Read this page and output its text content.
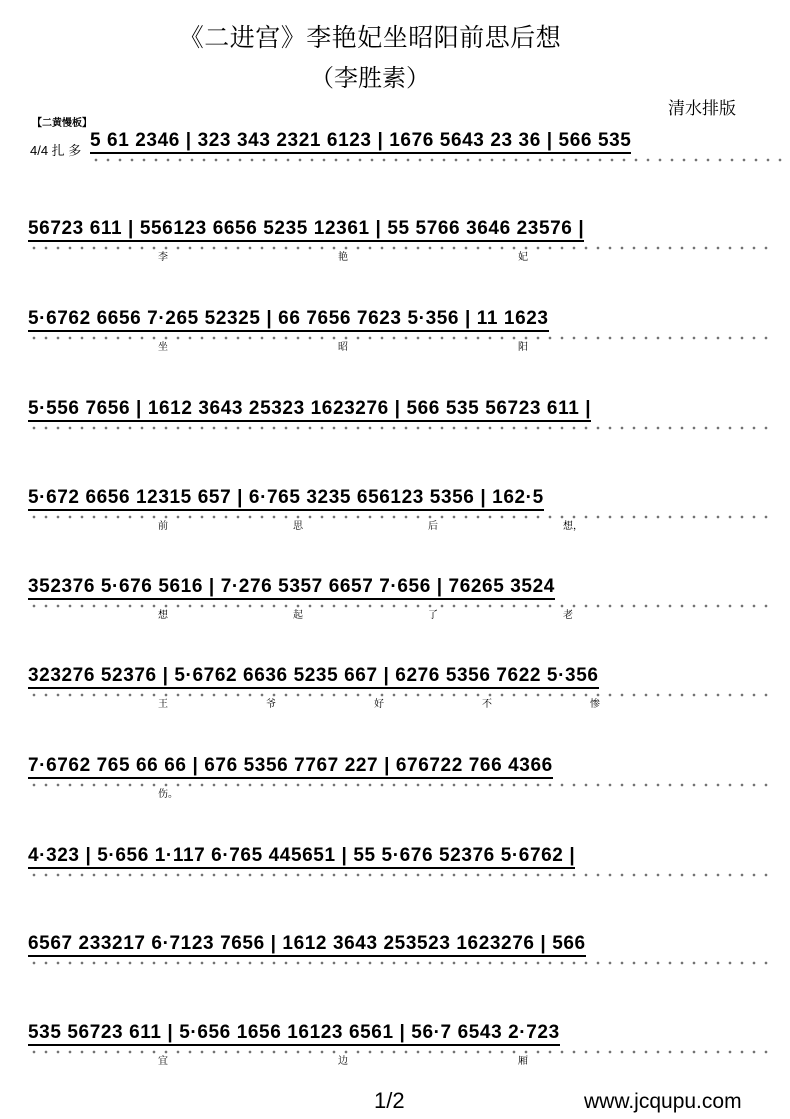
《二进宫》李艳妃坐昭阳前思后想
（李胜素）
清水排版
【二黄慢板】
4/4 扎 多 5 61 2346 | 323 343 2321 6123 | 1676 5643 23 36 | 566 535
56723 611 | 556123 6656 5235 12361 | 55 5766 3646 23576 |
李	艳	妃
5·6762 6656 7·265 52325 | 66 7656 7623 5·356 | 11 1623
坐	昭	阳
5·556 7656 | 1612 3643 25323 1623276 | 566 535 56723 611 |
5·672 6656 12315 657 | 6·765 3235 656123 5356 | 162·5
前	思	后	想，
352376 5·676 5616 | 7·276 5357 6657 7·656 | 76265 3524
想	起	了	老
323276 52376 | 5·6762 6636 5235 667 | 6276 5356 7622 5·356
王	爷	好	不	惨
7·6762 765 66 66 | 676 5356 7767 227 | 676722 766 4366
伤。
4·323 | 5·656 1·117 6·765 445651 | 55 5·676 52376 5·6762 |
6567 233217 6·7123 7656 | 1612 3643 253523 1623276 | 566
535 56723 611 | 5·656 1656 16123 6561 | 56·7 6543 2·723
宜	边	厢
1/2	www.jcqupu.com
